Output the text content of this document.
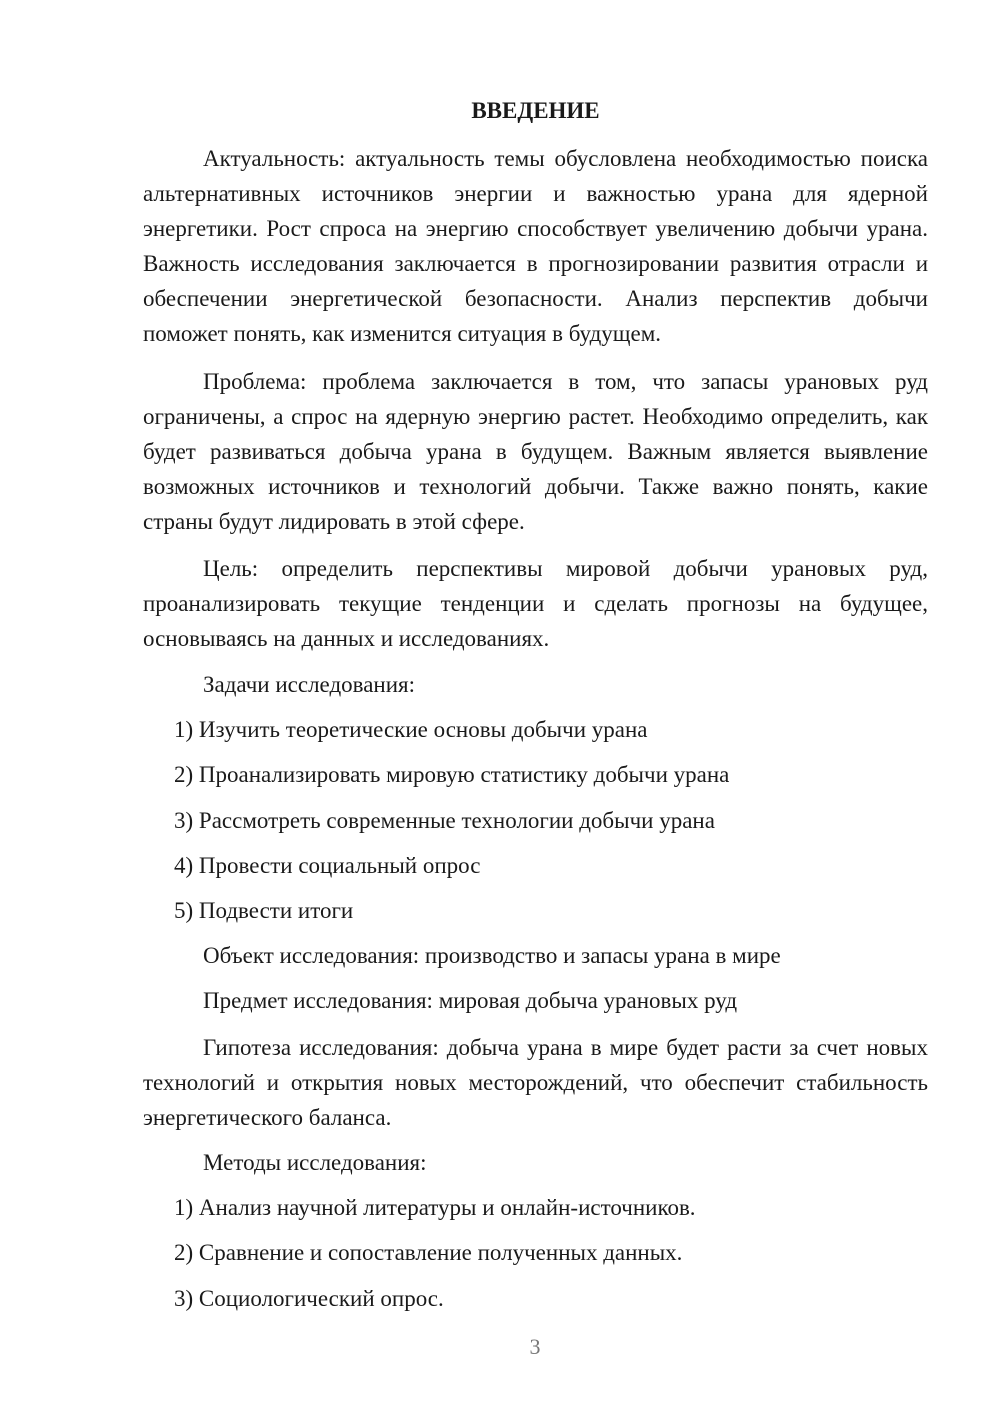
ВВЕДЕНИЕ

Актуальность: актуальность темы обусловлена необходимостью поиска альтернативных источников энергии и важностью урана для ядерной энергетики. Рост спроса на энергию способствует увеличению добычи урана. Важность исследования заключается в прогнозировании развития отрасли и обеспечении энергетической безопасности. Анализ перспектив добычи поможет понять, как изменится ситуация в будущем.

Проблема: проблема заключается в том, что запасы урановых руд ограничены, а спрос на ядерную энергию растет. Необходимо определить, как будет развиваться добыча урана в будущем. Важным является выявление возможных источников и технологий добычи. Также важно понять, какие страны будут лидировать в этой сфере.

Цель: определить перспективы мировой добычи урановых руд, проанализировать текущие тенденции и сделать прогнозы на будущее, основываясь на данных и исследованиях.

Задачи исследования:

1) Изучить теоретические основы добычи урана

2) Проанализировать мировую статистику добычи урана

3) Рассмотреть современные технологии добычи урана

4) Провести социальный опрос

5) Подвести итоги

Объект исследования: производство и запасы урана в мире

Предмет исследования: мировая добыча урановых руд

Гипотеза исследования: добыча урана в мире будет расти за счет новых технологий и открытия новых месторождений, что обеспечит стабильность энергетического баланса.

Методы исследования:

1) Анализ научной литературы и онлайн-источников.

2) Сравнение и сопоставление полученных данных.

3) Социологический опрос.

3
